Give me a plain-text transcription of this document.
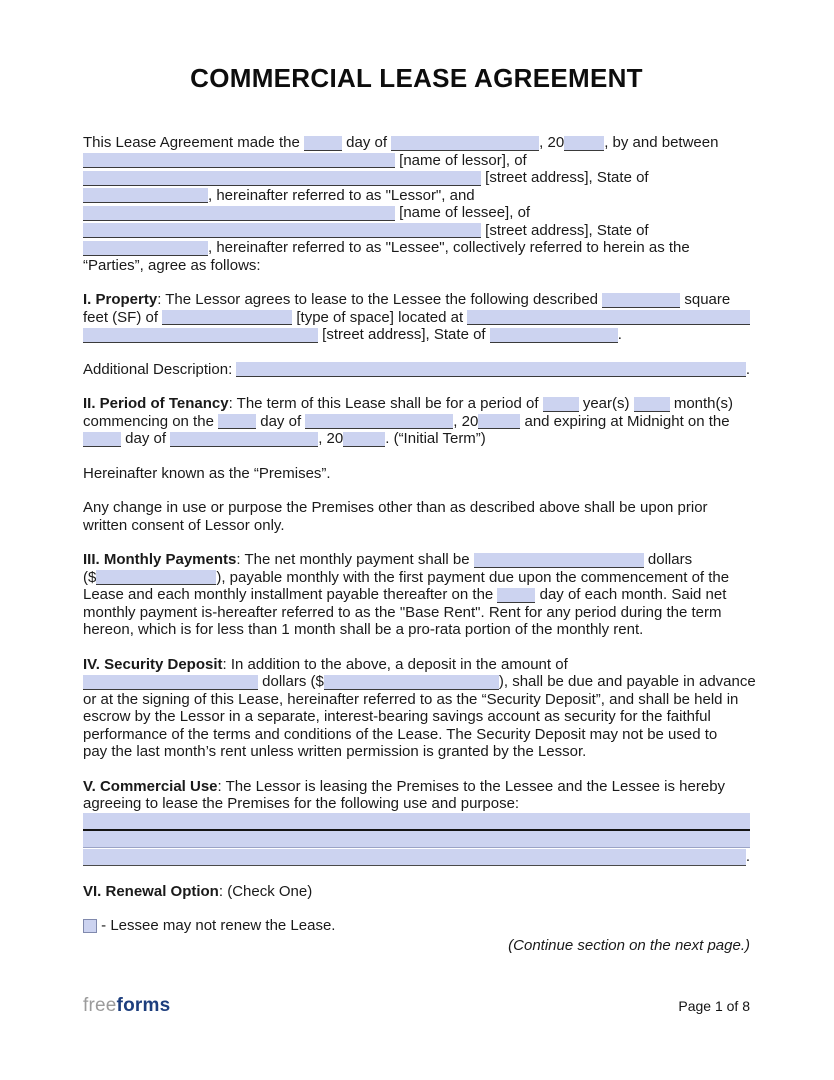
COMMERCIAL LEASE AGREEMENT
This Lease Agreement made the	day of	, 20	, by and between
[name of lessor], of
[street address], State of
, hereinafter referred to as "Lessor", and
[name of lessee], of
[street address], State of
, hereinafter referred to as "Lessee", collectively referred to herein as the
“Parties”, agree as follows:
I. Property : The Lessor agrees to lease to the Lessee the following described	square
feet (SF) of	[type of space] located at
[street address], State of	.
Additional Description:	.
II. Period of Tenancy : The term of this Lease shall be for a period of year(s) month(s)
commencing on the	day of	, 20	and expiring at Midnight on the
day of	, 20	. (“Initial Term”)
Hereinafter known as the “Premises”.
Any change in use or purpose the Premises other than as described above shall be upon prior
written consent of Lessor only.
III. Monthly Payments : The net monthly payment shall be	dollars
($	), payable monthly with the first payment due upon the commencement of the
Lease and each monthly installment payable thereafter on the	day of each month. Said net
monthly payment is-hereafter referred to as the "Base Rent". Rent for any period during the term
hereon, which is for less than 1 month shall be a pro-rata portion of the monthly rent.
IV. Security Deposit : In addition to the above, a deposit in the amount of
dollars ($	), shall be due and payable in advance
or at the signing of this Lease, hereinafter referred to as the “Security Deposit”, and shall be held in
escrow by the Lessor in a separate, interest-bearing savings account as security for the faithful
performance of the terms and conditions of the Lease. The Security Deposit may not be used to
pay the last month’s rent unless written permission is granted by the Lessor.
V. Commercial Use : The Lessor is leasing the Premises to the Lessee and the Lessee is hereby
agreeing to lease the Premises for the following use and purpose:
.
VI. Renewal Option : (Check One)
- Lessee may not renew the Lease.
(Continue section on the next page.)
freeforms	Page 1 of 8
